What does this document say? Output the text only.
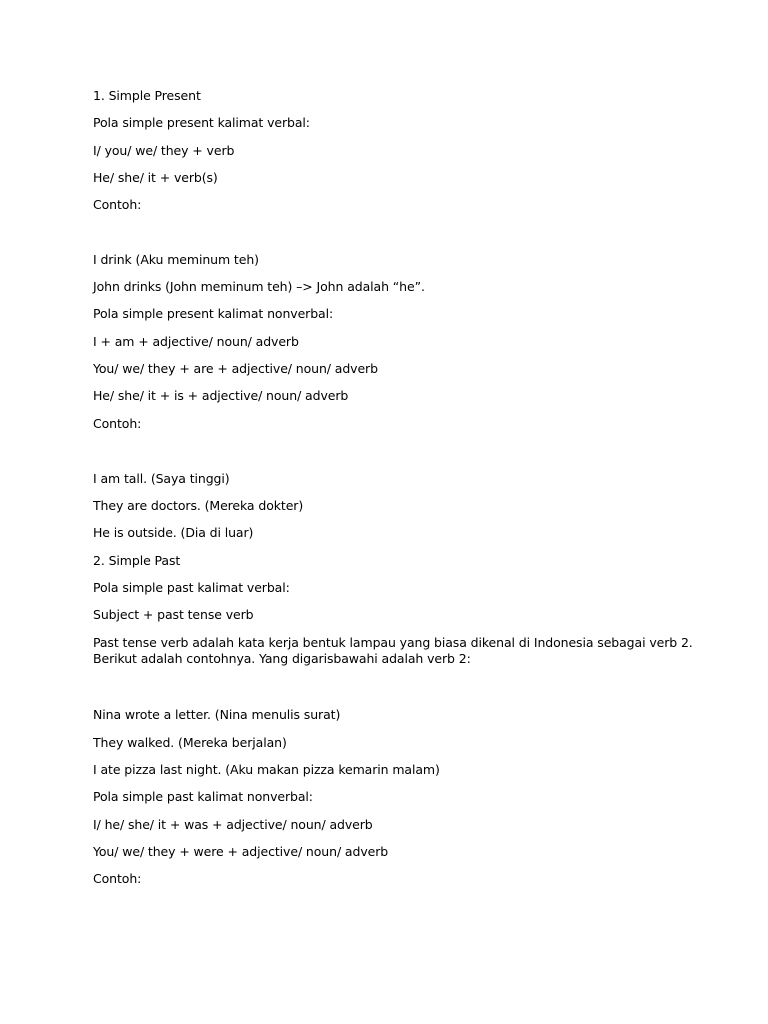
1. Simple Present
Pola simple present kalimat verbal:
I/ you/ we/ they + verb
He/ she/ it + verb(s)
Contoh:
I drink (Aku meminum teh)
John drinks (John meminum teh) –> John adalah “he”.
Pola simple present kalimat nonverbal:
I + am + adjective/ noun/ adverb
You/ we/ they + are + adjective/ noun/ adverb
He/ she/ it + is + adjective/ noun/ adverb
Contoh:
I am tall. (Saya tinggi)
They are doctors. (Mereka dokter)
He is outside. (Dia di luar)
2. Simple Past
Pola simple past kalimat verbal:
Subject + past tense verb
Past tense verb adalah kata kerja bentuk lampau yang biasa dikenal di Indonesia sebagai verb 2.
Berikut adalah contohnya. Yang digarisbawahi adalah verb 2:
Nina wrote a letter. (Nina menulis surat)
They walked. (Mereka berjalan)
I ate pizza last night. (Aku makan pizza kemarin malam)
Pola simple past kalimat nonverbal:
I/ he/ she/ it + was + adjective/ noun/ adverb
You/ we/ they + were + adjective/ noun/ adverb
Contoh:
